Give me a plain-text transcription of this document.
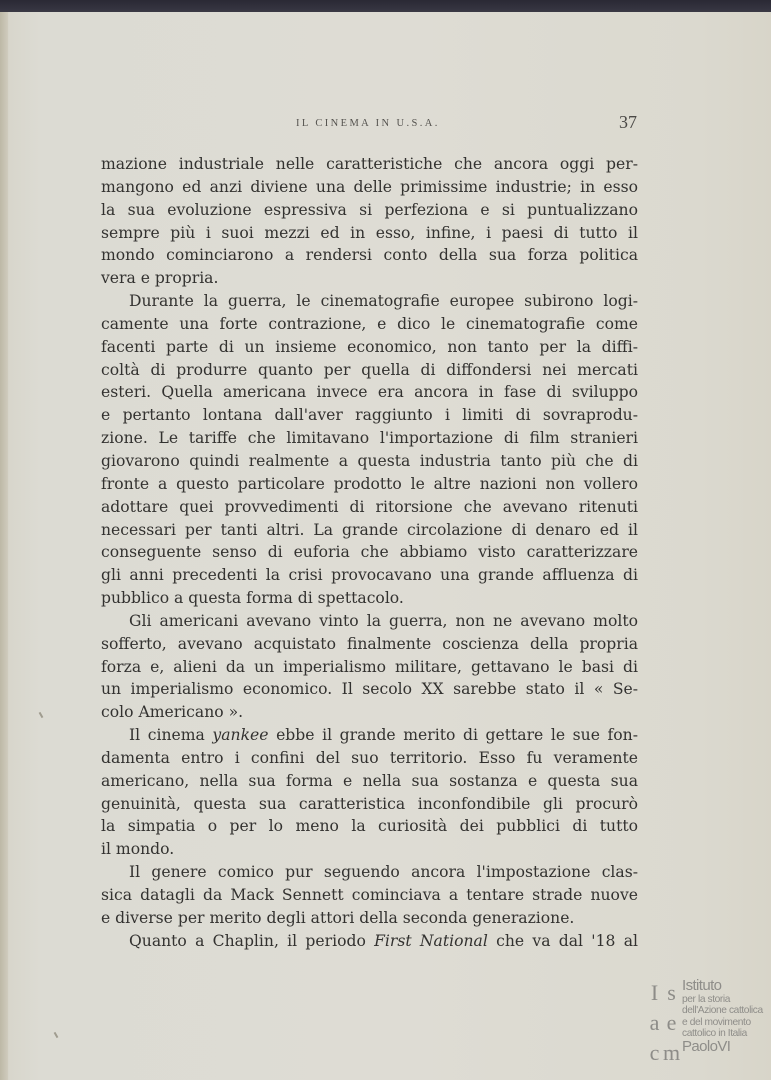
IL CINEMA IN U.S.A.	37
mazione industriale nelle caratteristiche che ancora oggi per-
mangono ed anzi diviene una delle primissime industrie; in esso
la sua evoluzione espressiva si perfeziona e si puntualizzano
sempre più i suoi mezzi ed in esso, infine, i paesi di tutto il
mondo cominciarono a rendersi conto della sua forza politica
vera e propria.
Durante la guerra, le cinematografie europee subirono logi-
camente una forte contrazione, e dico le cinematografie come
facenti parte di un insieme economico, non tanto per la diffi-
coltà di produrre quanto per quella di diffondersi nei mercati
esteri. Quella americana invece era ancora in fase di sviluppo
e pertanto lontana dall'aver raggiunto i limiti di sovraprodu-
zione. Le tariffe che limitavano l'importazione di film stranieri
giovarono quindi realmente a questa industria tanto più che di
fronte a questo particolare prodotto le altre nazioni non vollero
adottare quei provvedimenti di ritorsione che avevano ritenuti
necessari per tanti altri. La grande circolazione di denaro ed il
conseguente senso di euforia che abbiamo visto caratterizzare
gli anni precedenti la crisi provocavano una grande affluenza di
pubblico a questa forma di spettacolo.
Gli americani avevano vinto la guerra, non ne avevano molto
sofferto, avevano acquistato finalmente coscienza della propria
forza e, alieni da un imperialismo militare, gettavano le basi di
un imperialismo economico. Il secolo XX sarebbe stato il « Se-
colo Americano ».
Il cinema yankee ebbe il grande merito di gettare le sue fon-
damenta entro i confini del suo territorio. Esso fu veramente
americano, nella sua forma e nella sua sostanza e questa sua
genuinità, questa sua caratteristica inconfondibile gli procurò
la simpatia o per lo meno la curiosità dei pubblici di tutto
il mondo.
Il genere comico pur seguendo ancora l'impostazione clas-
sica datagli da Mack Sennett cominciava a tentare strade nuove
e diverse per merito degli attori della seconda generazione.
Quanto a Chaplin, il periodo First National che va dal '18 al
I s
a e
c m
Istituto
per la storia
dell'Azione cattolica
e del movimento
cattolico in Italia
PaoloVI
